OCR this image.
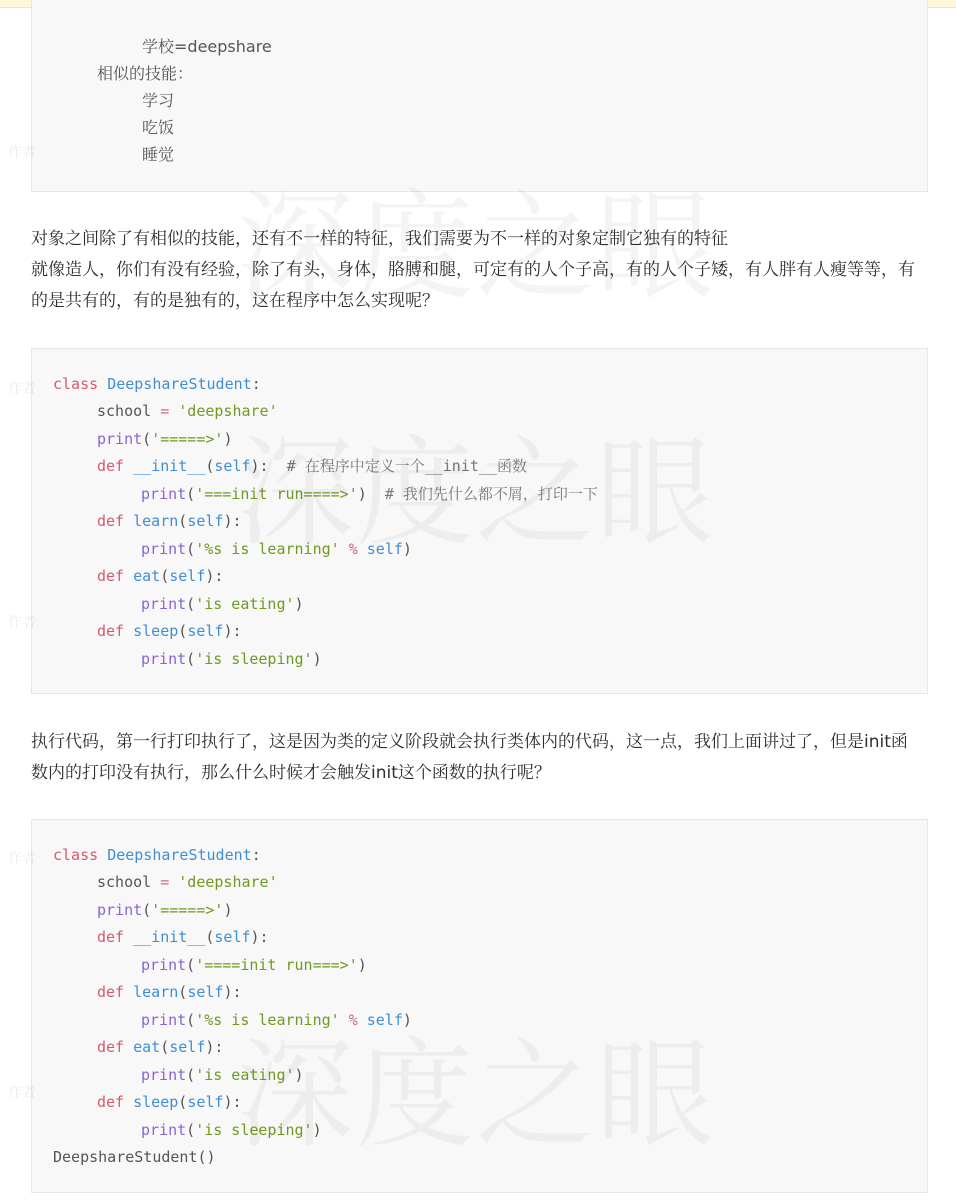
学校=deepshare
相似的技能：
学习
吃饭
睡觉

对象之间除了有相似的技能，还有不一样的特征，我们需要为不一样的对象定制它独有的特征

就像造人，你们有没有经验，除了有头，身体，胳膊和腿，可定有的人个子高，有的人个子矮，有人胖有人瘦等等，有的是共有的，有的是独有的，这在程序中怎么实现呢？

class DeepshareStudent:
school = 'deepshare'
print('=====>')
def __init__(self):  # 在程序中定义一个__init__函数
print('===init run====>')  # 我们先什么都不屑，打印一下
def learn(self):
print('%s is learning' % self)
def eat(self):
print('is eating')
def sleep(self):
print('is sleeping')

执行代码，第一行打印执行了，这是因为类的定义阶段就会执行类体内的代码，这一点，我们上面讲过了，但是init函数内的打印没有执行，那么什么时候才会触发init这个函数的执行呢？

class DeepshareStudent:
school = 'deepshare'
print('=====>')
def __init__(self):
print('====init run===>')
def learn(self):
print('%s is learning' % self)
def eat(self):
print('is eating')
def sleep(self):
print('is sleeping')
DeepshareStudent()
作者
作者
作者
作者
作者
